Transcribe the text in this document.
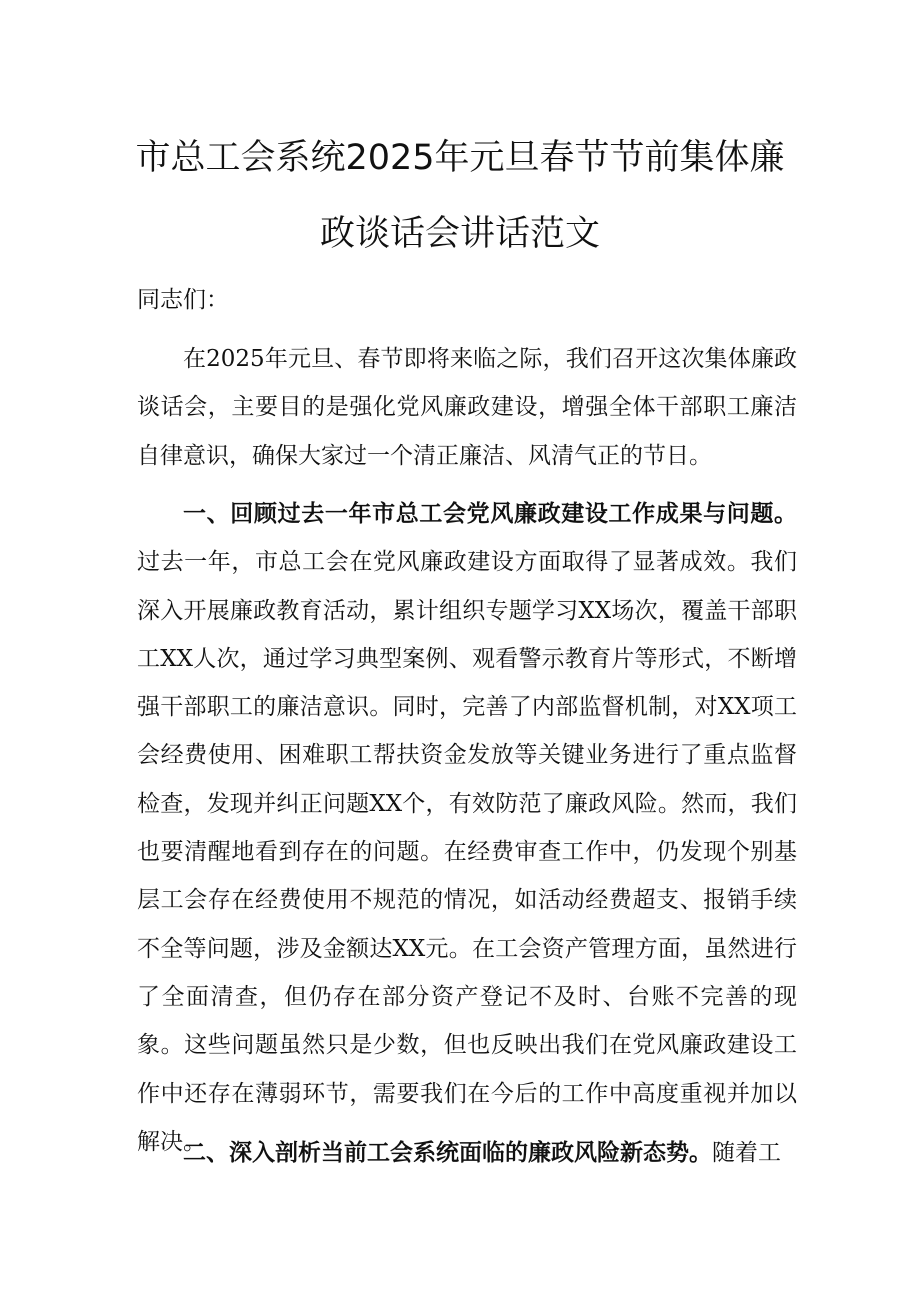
市总工会系统2025年元旦春节节前集体廉
政谈话会讲话范文
同志们：

在2025年元旦、春节即将来临之际，我们召开这次集体廉政谈话会，主要目的是强化党风廉政建设，增强全体干部职工廉洁自律意识，确保大家过一个清正廉洁、风清气正的节日。

一、回顾过去一年市总工会党风廉政建设工作成果与问题。过去一年，市总工会在党风廉政建设方面取得了显著成效。我们深入开展廉政教育活动，累计组织专题学习XX场次，覆盖干部职工XX人次，通过学习典型案例、观看警示教育片等形式，不断增强干部职工的廉洁意识。同时，完善了内部监督机制，对XX项工会经费使用、困难职工帮扶资金发放等关键业务进行了重点监督检查，发现并纠正问题XX个，有效防范了廉政风险。然而，我们也要清醒地看到存在的问题。在经费审查工作中，仍发现个别基层工会存在经费使用不规范的情况，如活动经费超支、报销手续不全等问题，涉及金额达XX元。在工会资产管理方面，虽然进行了全面清查，但仍存在部分资产登记不及时、台账不完善的现象。这些问题虽然只是少数，但也反映出我们在党风廉政建设工作中还存在薄弱环节，需要我们在今后的工作中高度重视并加以解决。

二、深入剖析当前工会系统面临的廉政风险新态势。随着工
